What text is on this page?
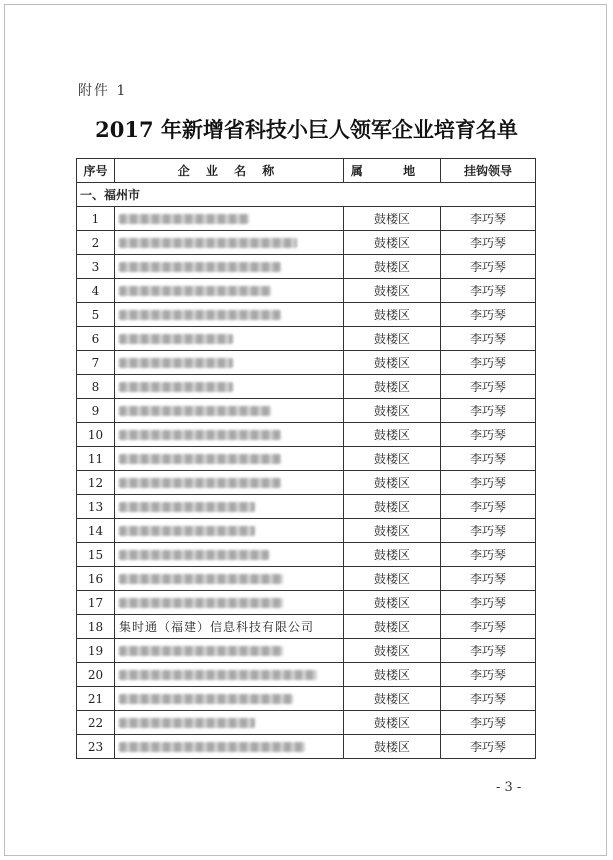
附件 1
2017 年新增省科技小巨人领军企业培育名单
序号	企 业 名 称	属 地	挂钩领导
一、福州市			
1		鼓楼区	李巧琴
2		鼓楼区	李巧琴
3		鼓楼区	李巧琴
4		鼓楼区	李巧琴
5		鼓楼区	李巧琴
6		鼓楼区	李巧琴
7		鼓楼区	李巧琴
8		鼓楼区	李巧琴
9		鼓楼区	李巧琴
10		鼓楼区	李巧琴
11		鼓楼区	李巧琴
12		鼓楼区	李巧琴
13		鼓楼区	李巧琴
14		鼓楼区	李巧琴
15		鼓楼区	李巧琴
16		鼓楼区	李巧琴
17		鼓楼区	李巧琴
18	集时通（福建）信息科技有限公司	鼓楼区	李巧琴
19		鼓楼区	李巧琴
20		鼓楼区	李巧琴
21		鼓楼区	李巧琴
22		鼓楼区	李巧琴
23		鼓楼区	李巧琴
- 3 -
